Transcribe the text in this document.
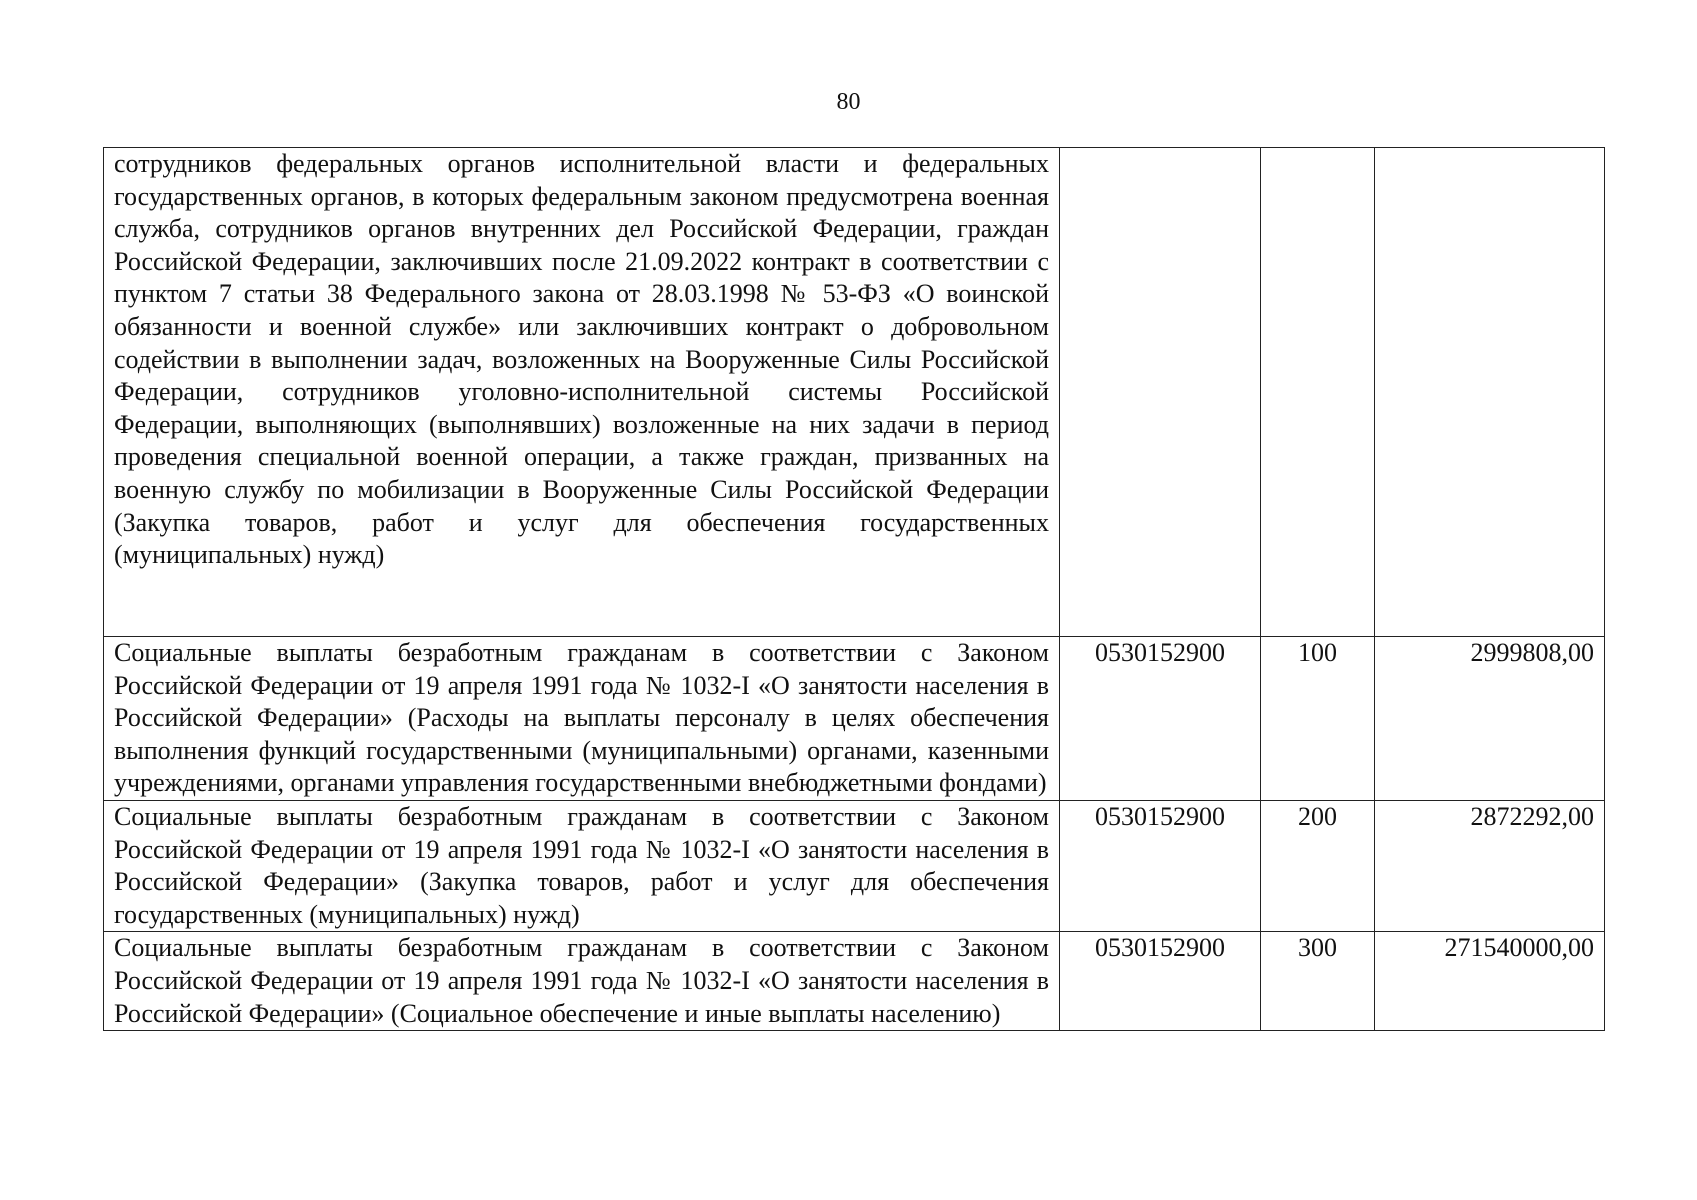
80
сотрудников федеральных органов исполнительной власти и федеральных государственных органов, в которых федеральным законом предусмотрена военная служба, сотрудников органов внутренних дел Российской Федерации, граждан Российской Федерации, заключивших после 21.09.2022 контракт в соответствии с пунктом 7 статьи 38 Федерального закона от 28.03.1998 № 53-ФЗ «О воинской обязанности и военной службе» или заключивших контракт о добровольном содействии в выполнении задач, возложенных на Вооруженные Силы Российской Федерации, сотрудников уголовно-исполнительной системы Российской Федерации, выполняющих (выполнявших) возложенные на них задачи в период проведения специальной военной операции, а также граждан, призванных на военную службу по мобилизации в Вооруженные Силы Российской Федерации (Закупка товаров, работ и услуг для обеспечения государственных (муниципальных) нужд)			
Социальные выплаты безработным гражданам в соответствии с Законом Российской Федерации от 19 апреля 1991 года № 1032-I «О занятости населения в Российской Федерации» (Расходы на выплаты персоналу в целях обеспечения выполнения функций государственными (муниципальными) органами, казенными учреждениями, органами управления государственными внебюджетными фондами)	0530152900	100	2999808,00
Социальные выплаты безработным гражданам в соответствии с Законом Российской Федерации от 19 апреля 1991 года № 1032-I «О занятости населения в Российской Федерации» (Закупка товаров, работ и услуг для обеспечения государственных (муниципальных) нужд)	0530152900	200	2872292,00
Социальные выплаты безработным гражданам в соответствии с Законом Российской Федерации от 19 апреля 1991 года № 1032-I «О занятости населения в Российской Федерации» (Социальное обеспечение и иные выплаты населению)	0530152900	300	271540000,00
